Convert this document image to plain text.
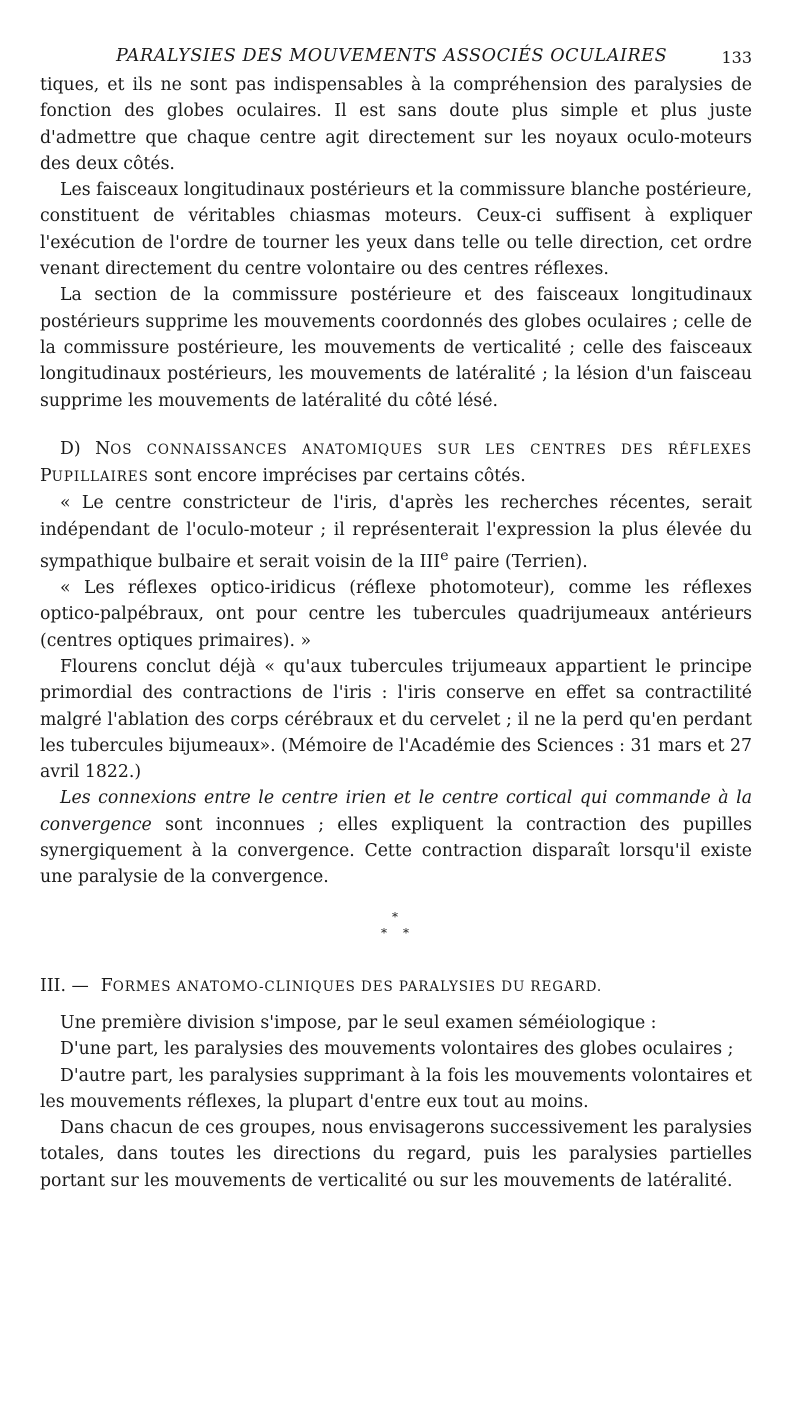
PARALYSIES DES MOUVEMENTS ASSOCIÉS OCULAIRES	133

tiques, et ils ne sont pas indispensables à la compréhension des paralysies de fonction des globes oculaires. Il est sans doute plus simple et plus juste d'admettre que chaque centre agit directement sur les noyaux oculo-moteurs des deux côtés.

Les faisceaux longitudinaux postérieurs et la commissure blanche postérieure, constituent de véritables chiasmas moteurs. Ceux-ci suffisent à expliquer l'exécution de l'ordre de tourner les yeux dans telle ou telle direction, cet ordre venant directement du centre volontaire ou des centres réflexes.

La section de la commissure postérieure et des faisceaux longitudinaux postérieurs supprime les mouvements coordonnés des globes oculaires ; celle de la commissure postérieure, les mouvements de verticalité ; celle des faisceaux longitudinaux postérieurs, les mouvements de latéralité ; la lésion d'un faisceau supprime les mouvements de latéralité du côté lésé.

D) NOS CONNAISSANCES ANATOMIQUES SUR LES CENTRES DES RÉFLEXES PUPILLAIRES sont encore imprécises par certains côtés.

« Le centre constricteur de l'iris, d'après les recherches récentes, serait indépendant de l'oculo-moteur ; il représenterait l'expression la plus élevée du sympathique bulbaire et serait voisin de la IIIe paire (Terrien).

« Les réflexes optico-iridicus (réflexe photomoteur), comme les réflexes optico-palpébraux, ont pour centre les tubercules quadrijumeaux antérieurs (centres optiques primaires). »

Flourens conclut déjà « qu'aux tubercules trijumeaux appartient le principe primordial des contractions de l'iris : l'iris conserve en effet sa contractilité malgré l'ablation des corps cérébraux et du cervelet ; il ne la perd qu'en perdant les tubercules bijumeaux». (Mémoire de l'Académie des Sciences : 31 mars et 27 avril 1822.)

Les connexions entre le centre irien et le centre cortical qui commande à la convergence sont inconnues ; elles expliquent la contraction des pupilles synergiquement à la convergence. Cette contraction disparaît lorsqu'il existe une paralysie de la convergence.

*
* *

III. — FORMES ANATOMO-CLINIQUES DES PARALYSIES DU REGARD.

Une première division s'impose, par le seul examen séméiologique :

D'une part, les paralysies des mouvements volontaires des globes oculaires ;

D'autre part, les paralysies supprimant à la fois les mouvements volontaires et les mouvements réflexes, la plupart d'entre eux tout au moins.

Dans chacun de ces groupes, nous envisagerons successivement les paralysies totales, dans toutes les directions du regard, puis les paralysies partielles portant sur les mouvements de verticalité ou sur les mouvements de latéralité.
